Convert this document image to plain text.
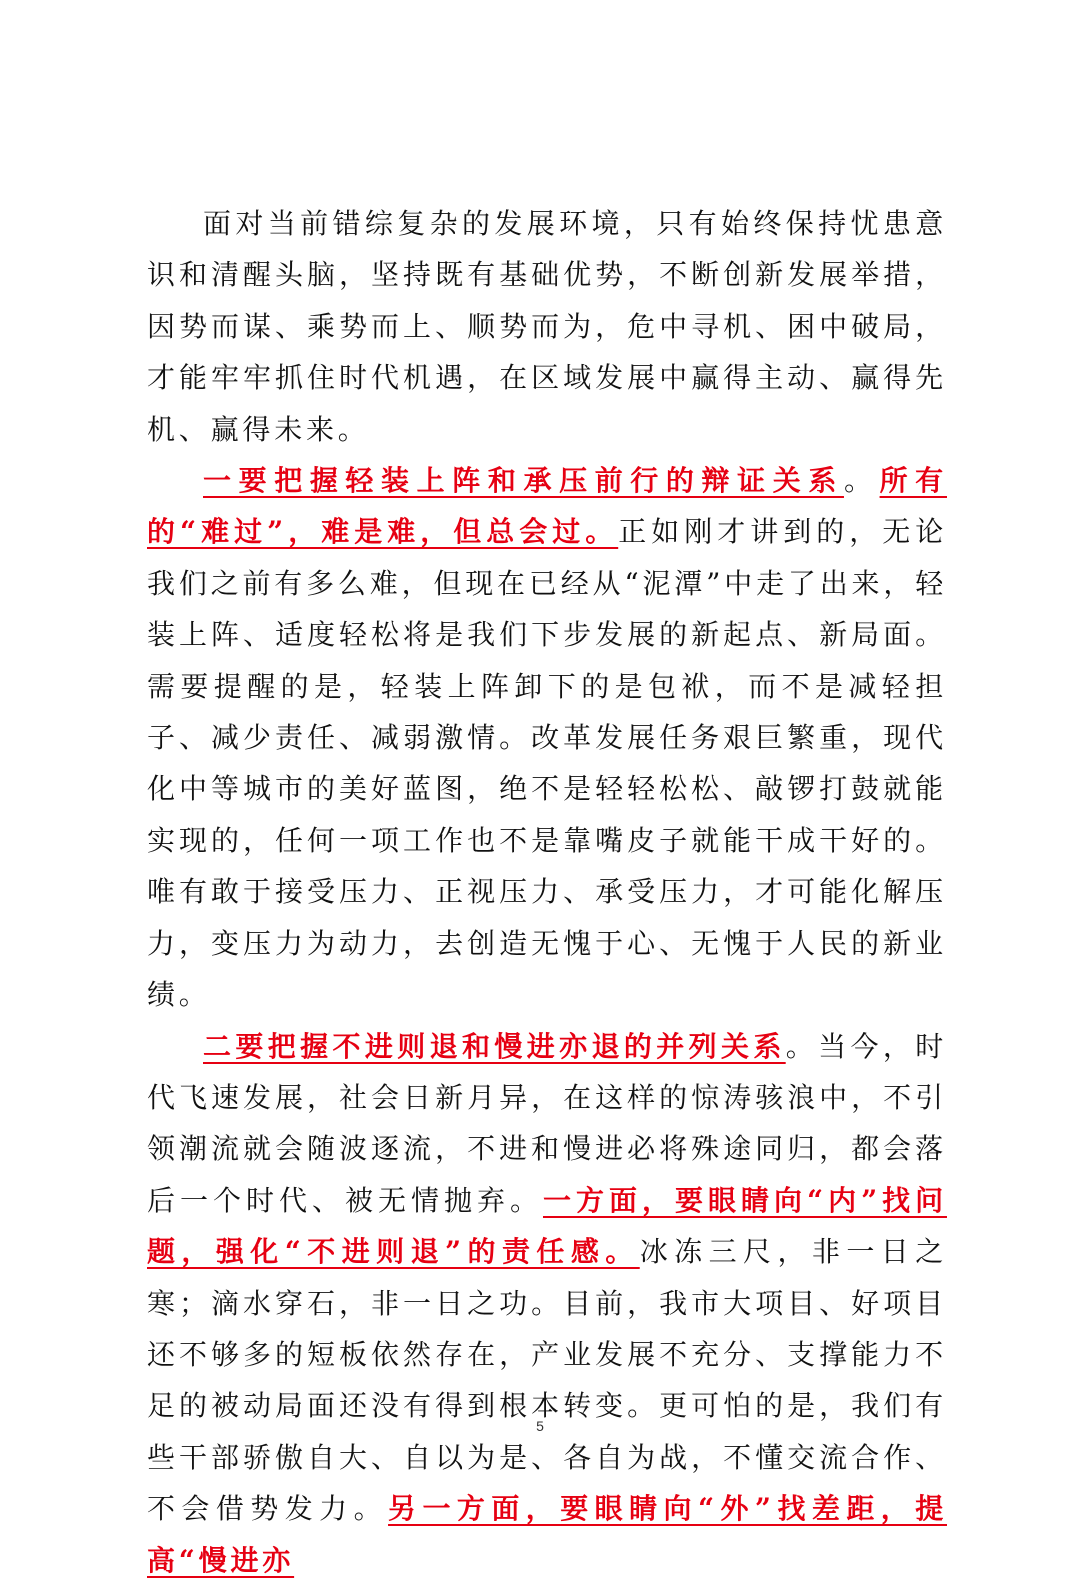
面对当前错综复杂的发展环境，只有始终保持忧患意识和清醒头脑，坚持既有基础优势，不断创新发展举措，因势而谋、乘势而上、顺势而为，危中寻机、困中破局，才能牢牢抓住时代机遇，在区域发展中赢得主动、赢得先机、赢得未来。

一要把握轻装上阵和承压前行的辩证关系。所有的“难过”，难是难，但总会过。正如刚才讲到的，无论我们之前有多么难，但现在已经从“泥潭”中走了出来，轻装上阵、适度轻松将是我们下步发展的新起点、新局面。需要提醒的是，轻装上阵卸下的是包袱，而不是减轻担子、减少责任、减弱激情。改革发展任务艰巨繁重，现代化中等城市的美好蓝图，绝不是轻轻松松、敲锣打鼓就能实现的，任何一项工作也不是靠嘴皮子就能干成干好的。唯有敢于接受压力、正视压力、承受压力，才可能化解压力，变压力为动力，去创造无愧于心、无愧于人民的新业绩。

二要把握不进则退和慢进亦退的并列关系。当今，时代飞速发展，社会日新月异，在这样的惊涛骇浪中，不引领潮流就会随波逐流，不进和慢进必将殊途同归，都会落后一个时代、被无情抛弃。一方面，要眼睛向“内”找问题，强化“不进则退”的责任感。冰冻三尺，非一日之寒；滴水穿石，非一日之功。目前，我市大项目、好项目还不够多的短板依然存在，产业发展不充分、支撑能力不足的被动局面还没有得到根本转变。更可怕的是，我们有些干部骄傲自大、自以为是、各自为战，不懂交流合作、不会借势发力。另一方面，要眼睛向“外”找差距，提高“慢进亦

5
